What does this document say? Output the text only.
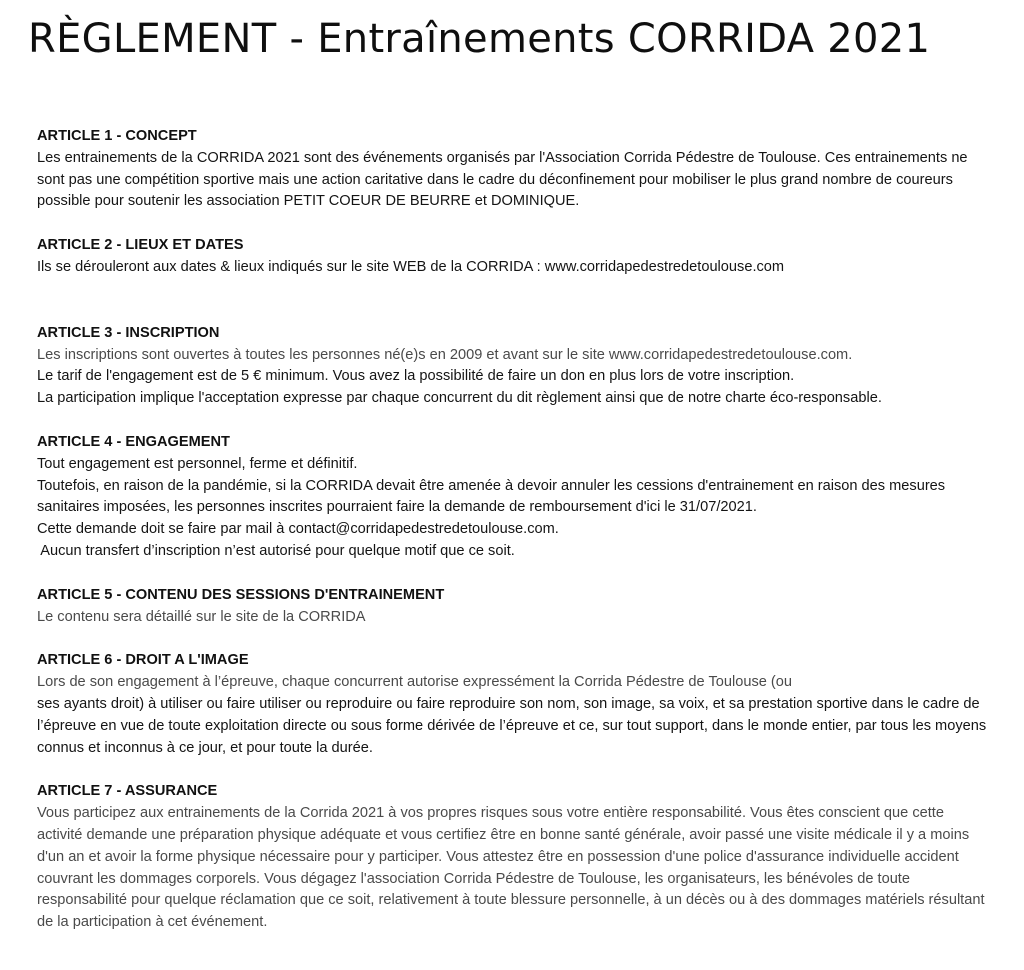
RÈGLEMENT - Entraînements CORRIDA 2021
ARTICLE 1 - CONCEPT

Les entrainements de la CORRIDA 2021 sont des événements organisés par l'Association Corrida Pédestre de Toulouse. Ces entrainements ne sont pas une compétition sportive mais une action caritative dans le cadre du déconfinement pour mobiliser le plus grand nombre de coureurs possible pour soutenir les association PETIT COEUR DE BEURRE et DOMINIQUE.

ARTICLE 2 - LIEUX ET DATES

Ils se dérouleront aux dates & lieux indiqués sur le site WEB de la CORRIDA : www.corridapedestredetoulouse.com

ARTICLE 3 - INSCRIPTION

Les inscriptions sont ouvertes à toutes les personnes né(e)s en 2009 et avant sur le site www.corridapedestredetoulouse.com.

Le tarif de l'engagement est de 5 € minimum. Vous avez la possibilité de faire un don en plus lors de votre inscription.

La participation implique l'acceptation expresse par chaque concurrent du dit règlement ainsi que de notre charte éco-responsable.

ARTICLE 4 - ENGAGEMENT

Tout engagement est personnel, ferme et définitif.

Toutefois, en raison de la pandémie, si la CORRIDA devait être amenée à devoir annuler les cessions d'entrainement en raison des mesures sanitaires imposées, les personnes inscrites pourraient faire la demande de remboursement d'ici le 31/07/2021.

Cette demande doit se faire par mail à contact@corridapedestredetoulouse.com.

Aucun transfert d’inscription n’est autorisé pour quelque motif que ce soit.

ARTICLE 5 - CONTENU DES SESSIONS D'ENTRAINEMENT

Le contenu sera détaillé sur le site de la CORRIDA

ARTICLE 6 - DROIT A L'IMAGE

Lors de son engagement à l’épreuve, chaque concurrent autorise expressément la Corrida Pédestre de Toulouse (ou

ses ayants droit) à utiliser ou faire utiliser ou reproduire ou faire reproduire son nom, son image, sa voix, et sa prestation sportive dans le cadre de l’épreuve en vue de toute exploitation directe ou sous forme dérivée de l’épreuve et ce, sur tout support, dans le monde entier, par tous les moyens connus et inconnus à ce jour, et pour toute la durée.

ARTICLE 7 - ASSURANCE

Vous participez aux entrainements de la Corrida 2021 à vos propres risques sous votre entière responsabilité. Vous êtes conscient que cette activité demande une préparation physique adéquate et vous certifiez être en bonne santé générale, avoir passé une visite médicale il y a moins d'un an et avoir la forme physique nécessaire pour y participer. Vous attestez être en possession d'une police d'assurance individuelle accident couvrant les dommages corporels. Vous dégagez l'association Corrida Pédestre de Toulouse, les organisateurs, les bénévoles de toute responsabilité pour quelque réclamation que ce soit, relativement à toute blessure personnelle, à un décès ou à des dommages matériels résultant de la participation à cet événement.
